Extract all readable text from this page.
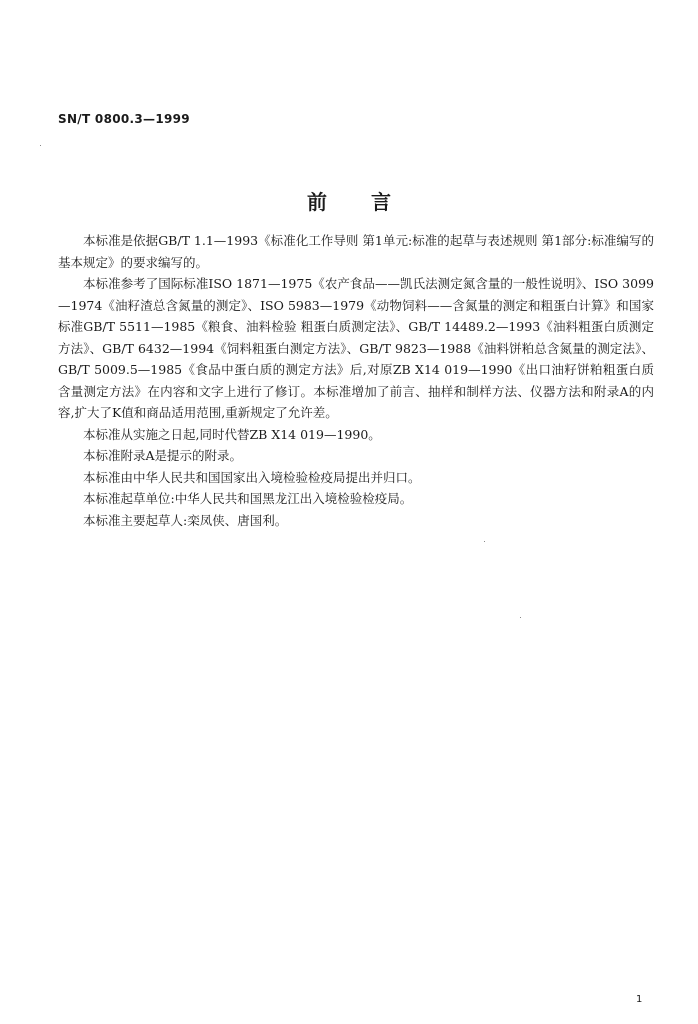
SN/T 0800.3—1999
前言

本标准是依据GB/T 1.1—1993《标准化工作导则 第1单元:标准的起草与表述规则 第1部分:标准编写的基本规定》的要求编写的。

本标准参考了国际标准ISO 1871—1975《农产食品——凯氏法测定氮含量的一般性说明》、ISO 3099—1974《油籽渣总含氮量的测定》、ISO 5983—1979《动物饲料——含氮量的测定和粗蛋白计算》和国家标准GB/T 5511—1985《粮食、油料检验 粗蛋白质测定法》、GB/T 14489.2—1993《油料粗蛋白质测定方法》、GB/T 6432—1994《饲料粗蛋白测定方法》、GB/T 9823—1988《油料饼粕总含氮量的测定法》、GB/T 5009.5—1985《食品中蛋白质的测定方法》后,对原ZB X14 019—1990《出口油籽饼粕粗蛋白质含量测定方法》在内容和文字上进行了修订。本标准增加了前言、抽样和制样方法、仪器方法和附录A的内容,扩大了K值和商品适用范围,重新规定了允许差。

本标准从实施之日起,同时代替ZB X14 019—1990。

本标准附录A是提示的附录。

本标准由中华人民共和国国家出入境检验检疫局提出并归口。

本标准起草单位:中华人民共和国黑龙江出入境检验检疫局。

本标准主要起草人:栾凤侠、唐国利。

1
